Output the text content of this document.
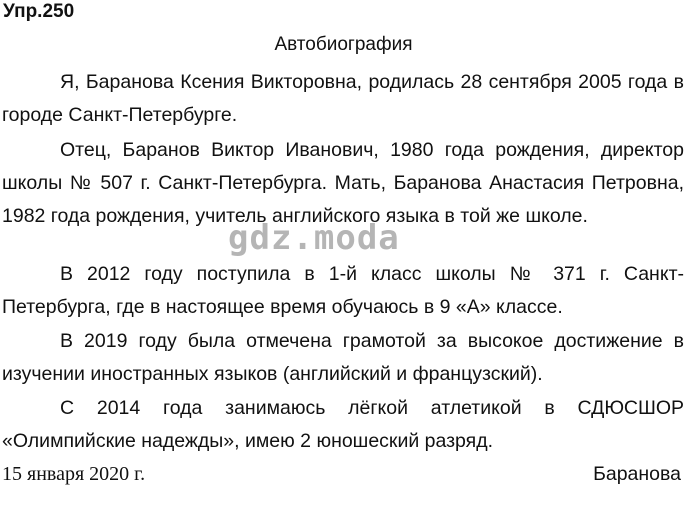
Упр.250
Автобиография

Я, Баранова Ксения Викторовна, родилась 28 сентября 2005 года в городе Санкт-Петербурге.

Отец, Баранов Виктор Иванович, 1980 года рождения, директор школы № 507 г. Санкт-Петербурга. Мать, Баранова Анастасия Петровна, 1982 года рождения, учитель английского языка в той же школе.

В 2012 году поступила в 1-й класс школы № 371 г. Санкт-Петербурга, где в настоящее время обучаюсь в 9 «А» классе.

В 2019 году была отмечена грамотой за высокое достижение в изучении иностранных языков (английский и французский).

С 2014 года занимаюсь лёгкой атлетикой в СДЮСШОР «Олимпийские надежды», имею 2 юношеский разряд.

15 января 2020 г.	Баранова
gdz.moda
